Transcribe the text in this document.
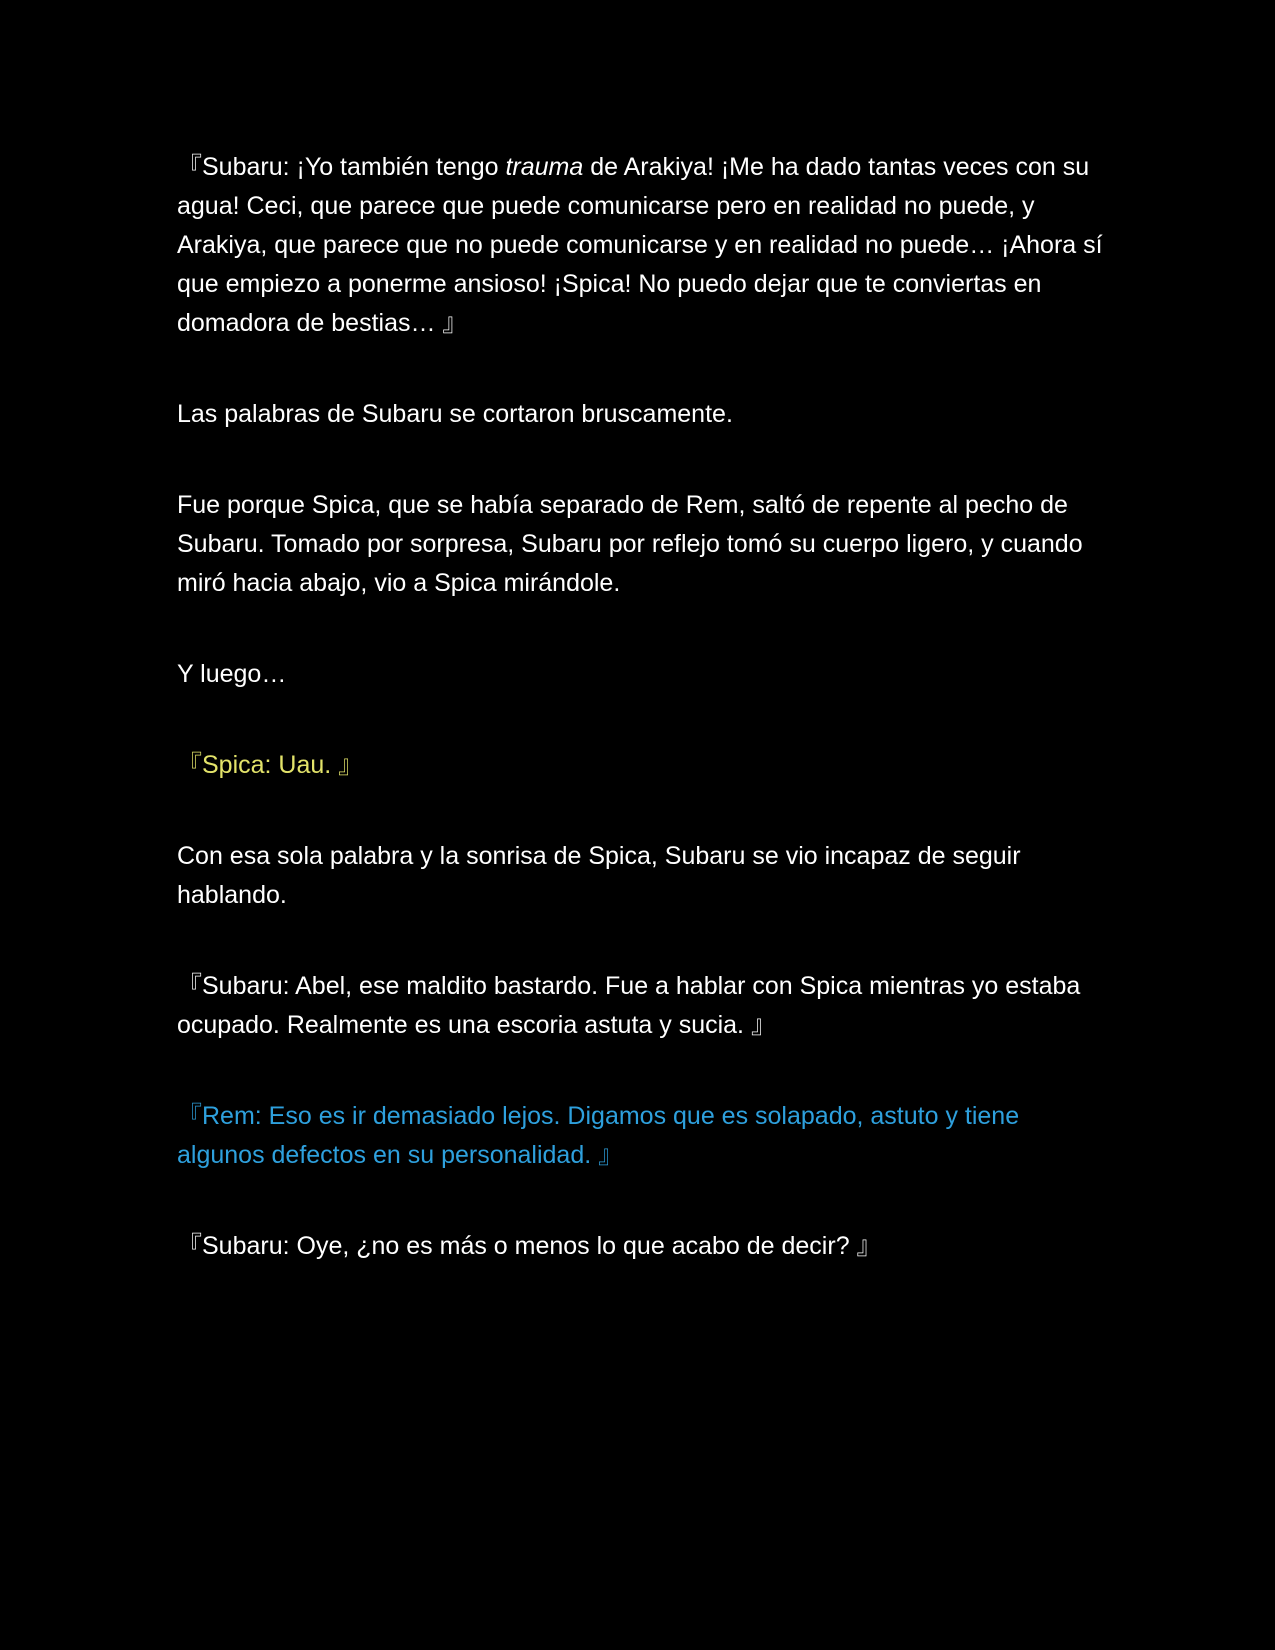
『Subaru: ¡Yo también tengo trauma de Arakiya! ¡Me ha dado tantas veces con su agua! Ceci, que parece que puede comunicarse pero en realidad no puede, y Arakiya, que parece que no puede comunicarse y en realidad no puede… ¡Ahora sí que empiezo a ponerme ansioso! ¡Spica! No puedo dejar que te conviertas en domadora de bestias… 』

Las palabras de Subaru se cortaron bruscamente.

Fue porque Spica, que se había separado de Rem, saltó de repente al pecho de Subaru. Tomado por sorpresa, Subaru por reflejo tomó su cuerpo ligero, y cuando miró hacia abajo, vio a Spica mirándole.

Y luego…

『Spica: Uau. 』

Con esa sola palabra y la sonrisa de Spica, Subaru se vio incapaz de seguir hablando.

『Subaru: Abel, ese maldito bastardo. Fue a hablar con Spica mientras yo estaba ocupado. Realmente es una escoria astuta y sucia. 』

『Rem: Eso es ir demasiado lejos. Digamos que es solapado, astuto y tiene algunos defectos en su personalidad. 』

『Subaru: Oye, ¿no es más o menos lo que acabo de decir? 』
